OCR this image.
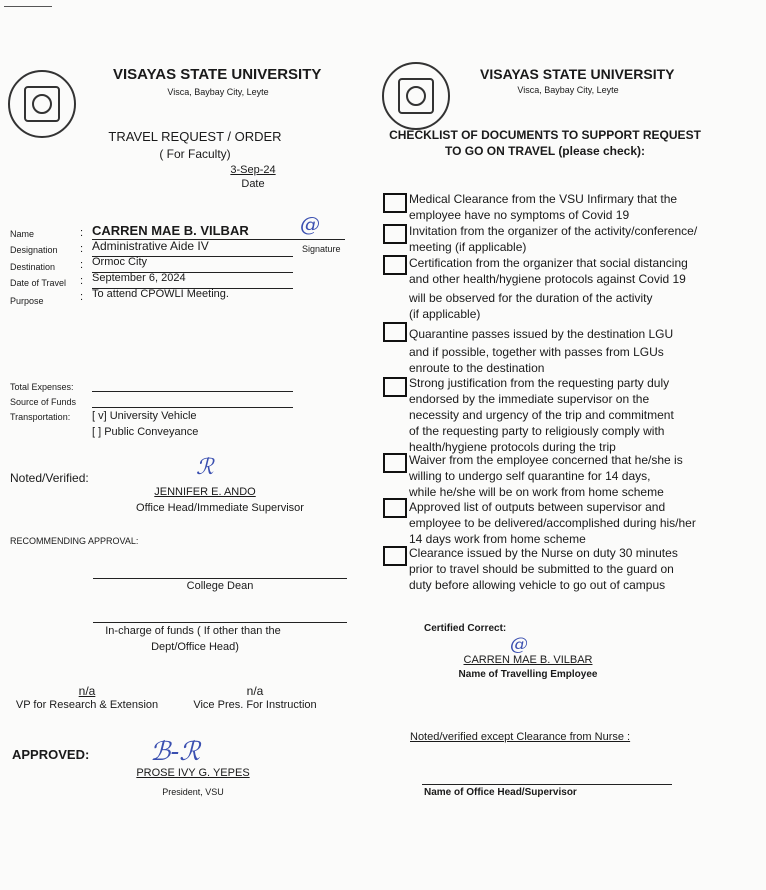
VISAYAS STATE UNIVERSITY
Visca, Baybay City, Leyte
TRAVEL REQUEST / ORDER
( For Faculty)
3-Sep-24
Date
Name
Designation
Destination
Date of Travel
Purpose
CARREN MAE B. VILBAR
Administrative Aide IV
Ormoc City
September 6, 2024
To attend CPOWLI Meeting.
:
:
:
:
:
@
Signature
Total Expenses:
Source of Funds
Transportation: [ v] University Vehicle
[ ] Public Conveyance
Noted/Verified:	ℛ
JENNIFER E. ANDO
Office Head/Immediate Supervisor
RECOMMENDING APPROVAL:
College Dean
In-charge of funds ( If other than the
Dept/Office Head)
n/a
VP for Research & Extension
n/a
Vice Pres. For Instruction
APPROVED: ℬ-ℛ
PROSE IVY G. YEPES
President, VSU
VISAYAS STATE UNIVERSITY
Visca, Baybay City, Leyte
CHECKLIST OF DOCUMENTS TO SUPPORT REQUEST
TO GO ON TRAVEL (please check):
Medical Clearance from the VSU Infirmary that the
employee have no symptoms of Covid 19
Invitation from the organizer of the activity/conference/
meeting (if applicable)
Certification from the organizer that social distancing
and other health/hygiene protocols against Covid 19
will be observed for the duration of the activity
(if applicable)
Quarantine passes issued by the destination LGU
and if possible, together with passes from LGUs
enroute to the destination
Strong justification from the requesting party duly
endorsed by the immediate supervisor on the
necessity and urgency of the trip and commitment
of the requesting party to religiously comply with
health/hygiene protocols during the trip
Waiver from the employee concerned that he/she is
willing to undergo self quarantine for 14 days,
while he/she will be on work from home scheme
Approved list of outputs between supervisor and
employee to be delivered/accomplished during his/her
14 days work from home scheme
Clearance issued by the Nurse on duty 30 minutes
prior to travel should be submitted to the guard on
duty before allowing vehicle to go out of campus
Certified Correct:
@
CARREN MAE B. VILBAR
Name of Travelling Employee
Noted/verified except Clearance from Nurse :
Name of Office Head/Supervisor
